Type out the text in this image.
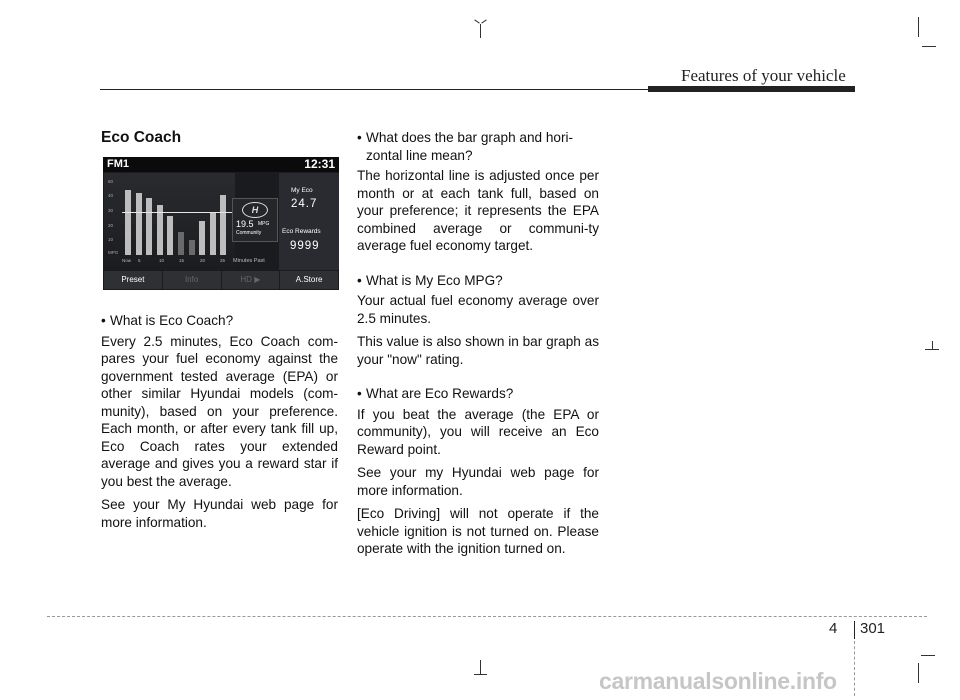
Features of your vehicle
Eco Coach
FM1	12:31
60
40
30
20
10
MPG
Now 5	10	15	20	25 Minutes Past
H
19.5 MPG
Community
My Eco
24.7
Eco Rewards
9999
Preset	Info	HD ▶	A.Store
• What is Eco Coach?

Every 2.5 minutes, Eco Coach com-pares your fuel economy against the government tested average (EPA) or other similar Hyundai models (com-munity), based on your preference. Each month, or after every tank fill up, Eco Coach rates your extended average and gives you a reward star if you best the average.

See your My Hyundai web page for more information.

• What does the bar graph and hori-zontal line mean?

The horizontal line is adjusted once per month or at each tank full, based on your preference; it represents the EPA combined average or communi-ty average fuel economy target.

• What is My Eco MPG?

Your actual fuel economy average over 2.5 minutes.

This value is also shown in bar graph as your "now" rating.

• What are Eco Rewards?

If you beat the average (the EPA or community), you will receive an Eco Reward point.

See your my Hyundai web page for more information.

[Eco Driving] will not operate if the vehicle ignition is not turned on. Please operate with the ignition turned on.

4 301
carmanualsonline.info
